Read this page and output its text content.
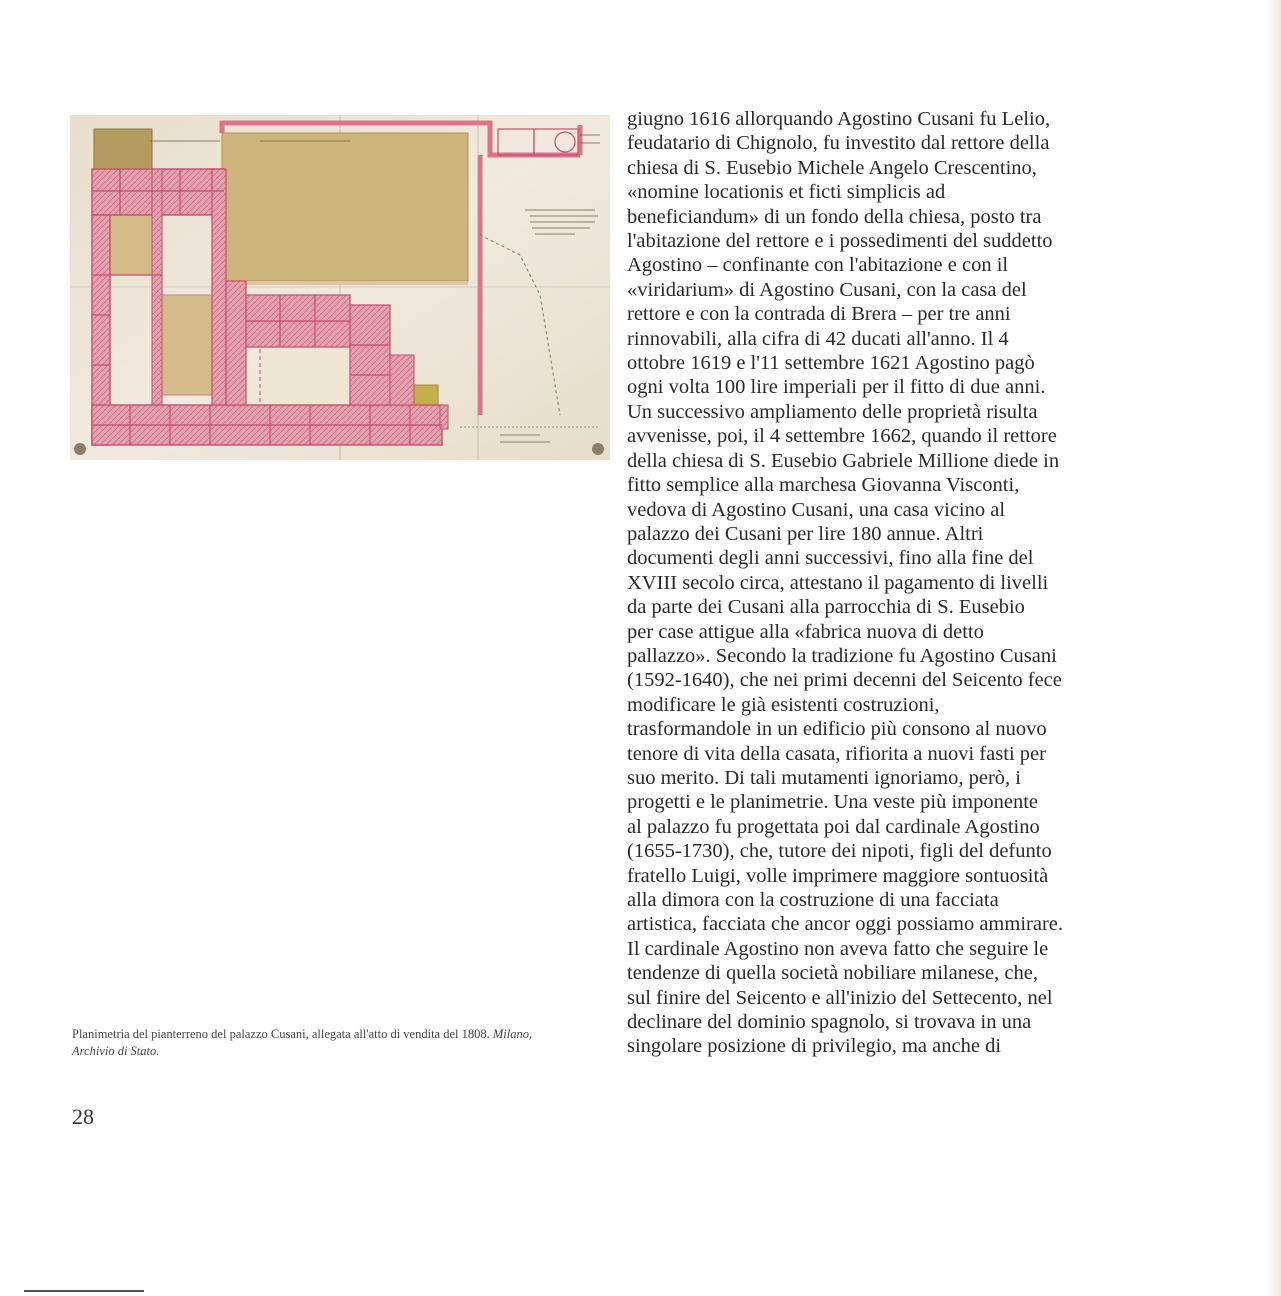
Planimetria del pianterreno del palazzo Cusani, allegata all'atto di vendita del 1808. Milano, Archivio di Stato.
28
giugno 1616 allorquando Agostino Cusani fu Lelio,
feudatario di Chignolo, fu investito dal rettore della
chiesa di S. Eusebio Michele Angelo Crescentino,
«nomine locationis et ficti simplicis ad
beneficiandum» di un fondo della chiesa, posto tra
l'abitazione del rettore e i possedimenti del suddetto
Agostino – confinante con l'abitazione e con il
«viridarium» di Agostino Cusani, con la casa del
rettore e con la contrada di Brera – per tre anni
rinnovabili, alla cifra di 42 ducati all'anno. Il 4
ottobre 1619 e l'11 settembre 1621 Agostino pagò
ogni volta 100 lire imperiali per il fitto di due anni.
Un successivo ampliamento delle proprietà risulta
avvenisse, poi, il 4 settembre 1662, quando il rettore
della chiesa di S. Eusebio Gabriele Millione diede in
fitto semplice alla marchesa Giovanna Visconti,
vedova di Agostino Cusani, una casa vicino al
palazzo dei Cusani per lire 180 annue. Altri
documenti degli anni successivi, fino alla fine del
XVIII secolo circa, attestano il pagamento di livelli
da parte dei Cusani alla parrocchia di S. Eusebio
per case attigue alla «fabrica nuova di detto
pallazzo». Secondo la tradizione fu Agostino Cusani
(1592-1640), che nei primi decenni del Seicento fece
modificare le già esistenti costruzioni,
trasformandole in un edificio più consono al nuovo
tenore di vita della casata, rifiorita a nuovi fasti per
suo merito. Di tali mutamenti ignoriamo, però, i
progetti e le planimetrie. Una veste più imponente
al palazzo fu progettata poi dal cardinale Agostino
(1655-1730), che, tutore dei nipoti, figli del defunto
fratello Luigi, volle imprimere maggiore sontuosità
alla dimora con la costruzione di una facciata
artistica, facciata che ancor oggi possiamo ammirare.
Il cardinale Agostino non aveva fatto che seguire le
tendenze di quella società nobiliare milanese, che,
sul finire del Seicento e all'inizio del Settecento, nel
declinare del dominio spagnolo, si trovava in una
singolare posizione di privilegio, ma anche di
